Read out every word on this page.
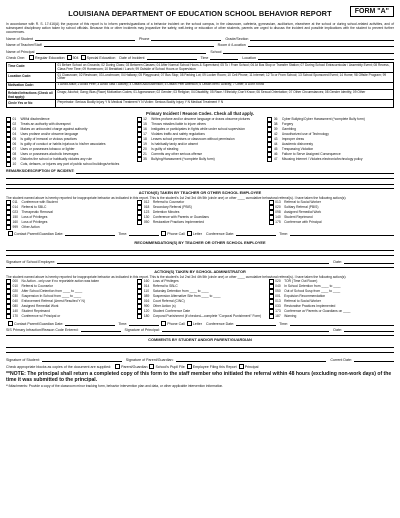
LOUISIANA DEPARTMENT OF EDUCATION SCHOOL BEHAVIOR REPORT	FORM "A"
In accordance with R. S. 17:416(A) the purpose of this report is to inform parents/guardians of a behavior incident on the school campus, in the classroom, cafeteria, gymnasium, auditorium, elsewhere at the school or during school-related activities, and of subsequent disciplinary action taken by school officials. Because this or other incidents may jeopardize the safety, well-being or education of other students, parents are urged to discuss the incident and possible implications with the student to prevent further occurrences.
Name of Student	Phone	Grade/Section
Name of Teacher/Staff	Room # /Location
Name of Principal	School
Check One:	Regular Education 504 Special Education Date of Incident	Time	Location
Time Code:	01 Before School on Grounds; 02 During Class; 03 Between Classes; 04 After Normal School Hours & Supervised; 05 To / From School; 06 At Bus Stop or Transfer Station; 07 During School Extracurricular / Assembly Event; 08 Recess, Class Free Time; 09 Homeroom; 10 Breakfast / Lunch; 99 Outside of School Hours or Supervision
Location Code:	01 Classroom; 02 Restroom; 03 Lunchroom; 04 Hallway; 05 Playground; 07 Bus Stop; 08 Parking Lot; 09 Locker Room; 10 Cell Phone; 11 Internet; 12 To or From School; 13 School Sponsored Event; 14 Home; 98 Offsite Program; 99 Other
Motivation Code:	1 Avoid Adult; 2 Avoid Peer; 3 Avoid Task / Activity; 4 Obtain Adult Attention; 5 Obtain Peer Attention; 6 Obtain Item / Activity; 7 Other; 8 Don't Know
Related Infractions (Check all that apply):
Drugs; Alcohol; Gang; Bias (Race) Motivation Codes; 01 Appearance; 02 Gender; 03 Religion; 04 Disability; 05 Race / Ethnicity; Don't Know; 06 Sexual Orientation; 07 Other Circumstances; 08 Gender Identity; 09 Other
Circle Yes or No	Perpetrator: Serious Bodily Injury Y N Medical Treatment Y N Victim: Serious Bodily Injury Y N Medical Treatment Y N
Primary Incident / Reason Codes. Check all that apply.
01	Willful disobedience
02	Treats an authority with disrespect
03	Makes an unfounded charge against authority
04	Uses profane and/or obscene language
05	Is guilty of immoral or vicious practices
06	Is guilty of conduct or habits injurious to his/her associates
07	Uses or possesses tobacco or lighter
08	Uses or possesses alcoholic beverages
09	Disturbs the school or habitually violates any rule
10	Cuts, defaces, or injures any part of public school buildings/vehicles
12	Writes profane and/or obscene language or draws obscene pictures
15	Throws missiles liable to injure others
16	Instigates or participates in fights while under school supervision
17	Violates traffic and safety regulations
18	Leaves school premises or classroom without permission
19	Is habitually tardy and/or absent
20	Is guilty of stealing
21	Commits any other serious offense
35	Bullying/Harassment (*complete Bully form)
36	Cyber Bullying/Cyber Harassment (*complete Bully form)
38	Forgery
39	Gambling
42	Unauthorized use of Technology
43	Improper dress
44	Academic dishonesty
45	Trespassing Violation
46	Failure to Serve Assigned Consequence
47	Misusing Internet / Violates electronic/technology policy
REMARKS/DESCRIPTION OF INCIDENT:
ACTION(S) TAKEN BY TEACHER OR OTHER SCHOOL EMPLOYEE
The student named above is hereby reported for inappropriate behavior as indicated in this report. This is the student's 1st 2nd 3rd 4th 5th (circle one) or other ____ cumulative behavioral referral(s). I have taken the following action(s):
011	Conference with Student	012	Referral to Counselor	013	Referral to Social Worker
014	Referral to SBLC	018	Secondary Referral (PBIS)	020	Solitary Referral (PBIS)
023	Therapeutic Removal	123	Detention Minutes	098	Assigned Remedial Work
150	Loss of Privileges	130	Conference with Parents or Guardians	140	Student Reprimand
160	Loss of Privileges	050	Restorative Practices Implemented	175	Conference with Principal
999	Other Action
Contact Parent/Guardian Date:	Time:	Phone Call Letter Conference Date:	Time:
RECOMMENDATION(S) BY TEACHER OR OTHER SCHOOL EMPLOYEE
Signature of School Employee:	Date:
ACTION(S) TAKEN BY SCHOOL ADMINISTRATOR
The student named above is hereby reported for inappropriate behavior as indicated in this report. This is the student's 1st 2nd 3rd 4th 5th (circle one) or other ____ cumulative behavioral referral(s). I have taken the following action(s):
000	No Action - only use if no reportable action was taken
010	Referral to Counselor
020	After School Detention from ____ to ____
030	Suspension In School from ____ to ____
040	Enforcement Referral (Arrest Resulted Y N)
080	Assigned Remedial Work
140	Student Reprimand
170	Conference w/ Principal or
160	Loss of Privileges
014	Referral to SBLC
110	Saturday Detention from ____ to ____
089	Suspension Alternative Site from ____ to ____
016	Court Referral (CINC)
990	Other Action (s)
120	Student Conference Date
180	Corporal Punishment (if checked—complete "Corporal Punishment" Form)
020	TOR (Time Out Room)
040	In School Detention from ____ to ____
050	Out of School Susp from ____ to ____
001	Expulsion Recommendation
013	Referral to Social Worker
033	Restorative Practices Implemented
173	Conference w/ Parents or Guardians on ____
187	Warning
Contact Parent/Guardian Date:	Time:	Phone Call Letter Conference Date:	Time:
SIS Primary Infraction/Reason Code Entered:	Signature of Principal:	Date:
COMMENTS BY STUDENT AND/OR PARENT/GUARDIAN
Signature of Student:	Signature of Parent/Guardian:	Current Date:
Check appropriate blocks as copies of the document are supplied:	Parent/Guardian School's Pupil File Employee Filing this Report Principal
**NOTE: The principal shall return a completed copy of this form to the staff member who initiated the referral within 48 hours (excluding non-work days) of the time it was submitted to the principal.
**Attachments: Provide a copy of the classroom minor tracking form, behavior intervention plan and data, or other applicable intervention information.
